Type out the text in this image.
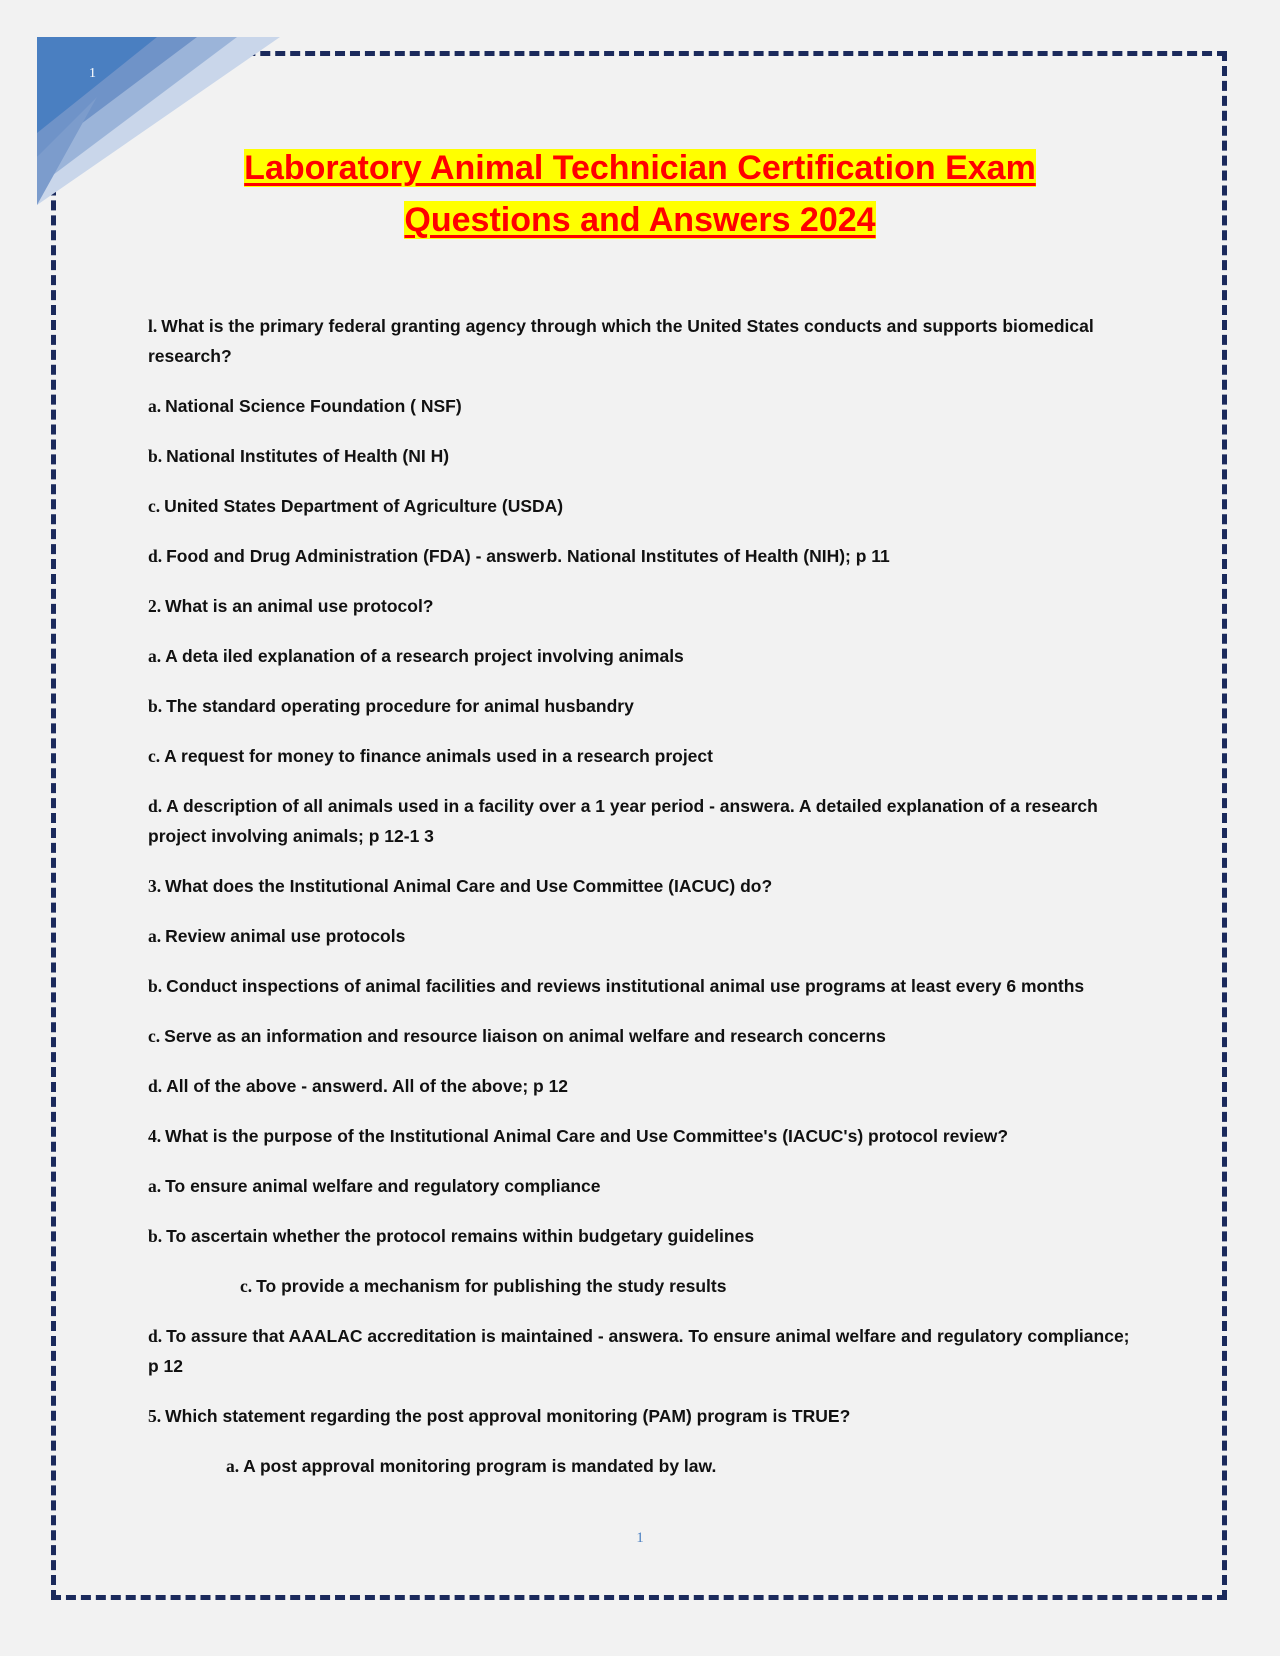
1
Laboratory Animal Technician Certification Exam
Questions and Answers 2024

l. What is the primary federal granting agency through which the United States conducts and supports biomedical research?

a. National Science Foundation ( NSF)

b. National Institutes of Health (NI H)

c. United States Department of Agriculture (USDA)

d. Food and Drug Administration (FDA) - answerb. National Institutes of Health (NIH); p 11

2. What is an animal use protocol?

a. A deta iled explanation of a research project involving animals

b. The standard operating procedure for animal husbandry

c. A request for money to finance animals used in a research project

d. A description of all animals used in a facility over a 1 year period - answera. A detailed explanation of a research project involving animals; p 12-1 3

3. What does the Institutional Animal Care and Use Committee (IACUC) do?

a. Review animal use protocols

b. Conduct inspections of animal facilities and reviews institutional animal use programs at least every 6 months

c. Serve as an information and resource liaison on animal welfare and research concerns

d. All of the above - answerd. All of the above; p 12

4. What is the purpose of the Institutional Animal Care and Use Committee's (IACUC's) protocol review?

a. To ensure animal welfare and regulatory compliance

b. To ascertain whether the protocol remains within budgetary guidelines

c. To provide a mechanism for publishing the study results

d. To assure that AAALAC accreditation is maintained - answera. To ensure animal welfare and regulatory compliance; p 12

5. Which statement regarding the post approval monitoring (PAM) program is TRUE?

a. A post approval monitoring program is mandated by law.

1
